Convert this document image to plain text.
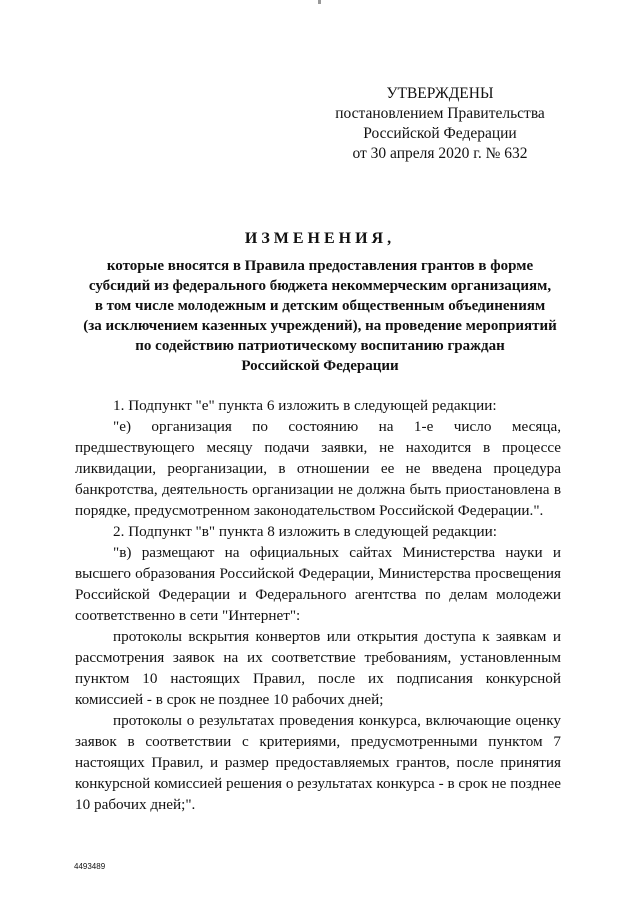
УТВЕРЖДЕНЫ
постановлением Правительства
Российской Федерации
от 30 апреля 2020 г. № 632
ИЗМЕНЕНИЯ,
которые вносятся в Правила предоставления грантов в форме
субсидий из федерального бюджета некоммерческим организациям,
в том числе молодежным и детским общественным объединениям
(за исключением казенных учреждений), на проведение мероприятий
по содействию патриотическому воспитанию граждан
Российской Федерации

1. Подпункт "е" пункта 6 изложить в следующей редакции:

"е) организация по состоянию на 1-е число месяца, предшествующего месяцу подачи заявки, не находится в процессе ликвидации, реорганизации, в отношении ее не введена процедура банкротства, деятельность организации не должна быть приостановлена в порядке, предусмотренном законодательством Российской Федерации.".

2. Подпункт "в" пункта 8 изложить в следующей редакции:

"в) размещают на официальных сайтах Министерства науки и высшего образования Российской Федерации, Министерства просвещения Российской Федерации и Федерального агентства по делам молодежи соответственно в сети "Интернет":

протоколы вскрытия конвертов или открытия доступа к заявкам и рассмотрения заявок на их соответствие требованиям, установленным пунктом 10 настоящих Правил, после их подписания конкурсной комиссией - в срок не позднее 10 рабочих дней;

протоколы о результатах проведения конкурса, включающие оценку заявок в соответствии с критериями, предусмотренными пунктом 7 настоящих Правил, и размер предоставляемых грантов, после принятия конкурсной комиссией решения о результатах конкурса - в срок не позднее 10 рабочих дней;".

4493489
